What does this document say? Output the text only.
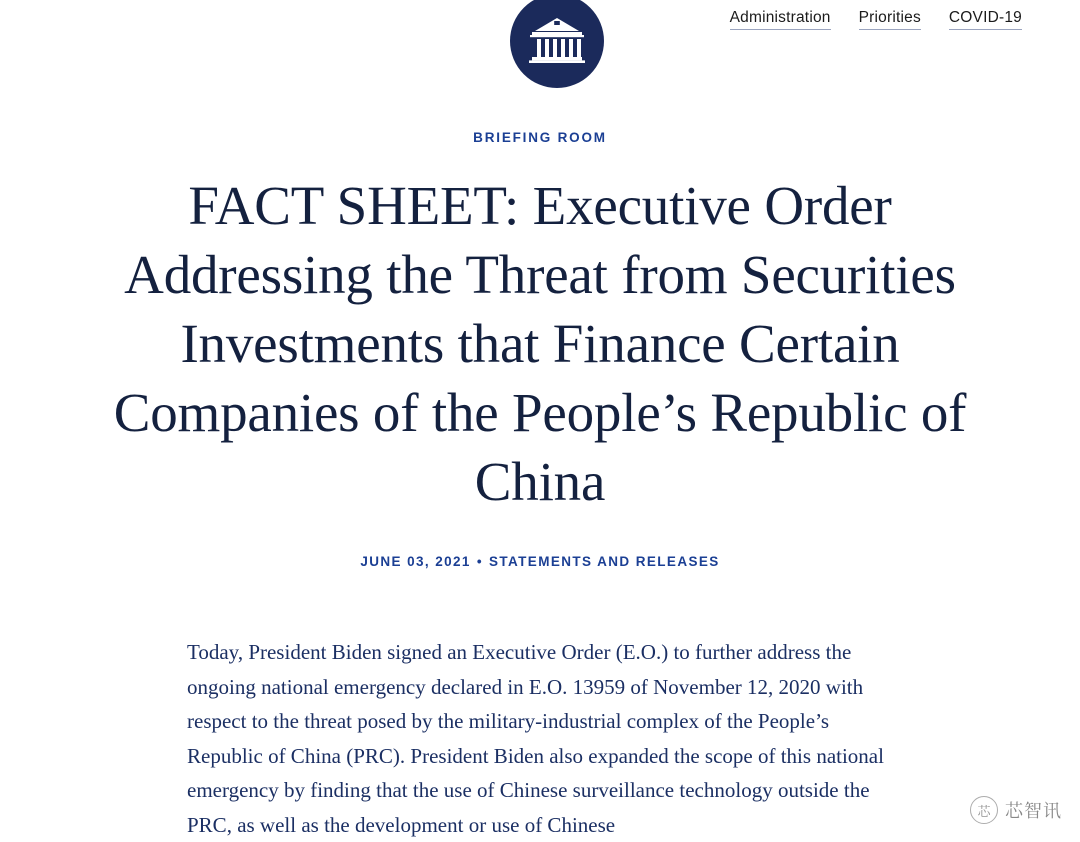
Administration Priorities COVID-19
BRIEFING ROOM
FACT SHEET: Executive Order Addressing the Threat from Securities Investments that Finance Certain Companies of the People’s Republic of China
JUNE 03, 2021 • STATEMENTS AND RELEASES

Today, President Biden signed an Executive Order (E.O.) to further address the ongoing national emergency declared in E.O. 13959 of November 12, 2020 with respect to the threat posed by the military-industrial complex of the People’s Republic of China (PRC). President Biden also expanded the scope of this national emergency by finding that the use of Chinese surveillance technology outside the PRC, as well as the development or use of Chinese

芯 芯智讯
